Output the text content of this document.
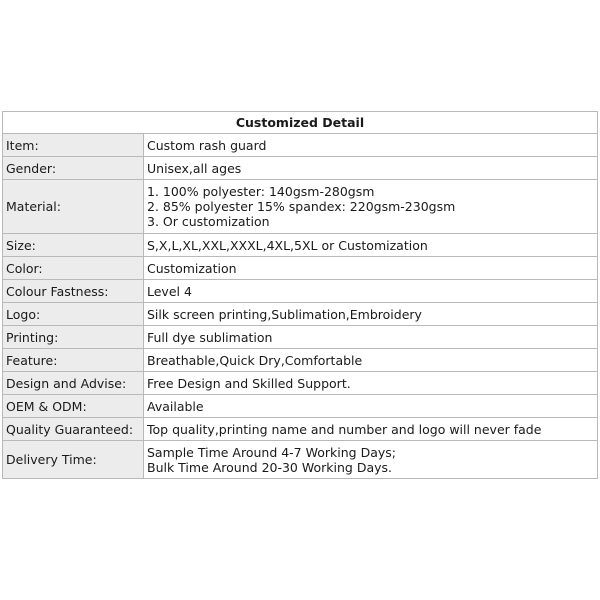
Customized Detail	
Item:	Custom rash guard
Gender:	Unisex,all ages
Material:	1. 100% polyester: 140gsm-280gsm
2. 85% polyester 15% spandex: 220gsm-230gsm
3. Or customization

Size:	S,X,L,XL,XXL,XXXL,4XL,5XL or Customization
Color:	Customization
Colour Fastness:	Level 4
Logo:	Silk screen printing,Sublimation,Embroidery
Printing:	Full dye sublimation
Feature:	Breathable,Quick Dry,Comfortable
Design and Advise:	Free Design and Skilled Support.
OEM & ODM:	Available
Quality Guaranteed:	Top quality,printing name and number and logo will never fade
Delivery Time:	Sample Time Around 4-7 Working Days;
Bulk Time Around 20-30 Working Days.
